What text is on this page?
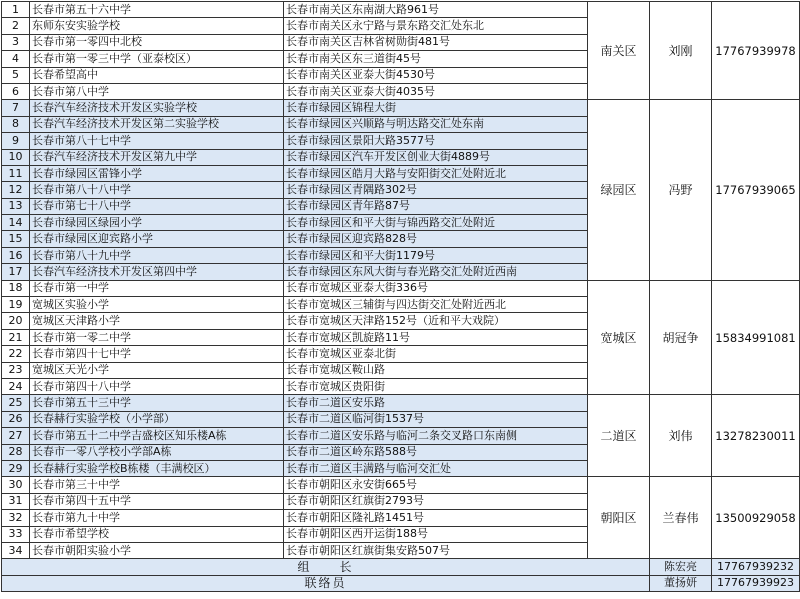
1	长春市第五十六中学	长春市南关区东南湖大路961号	南关区	刘刚	17767939978
2	东师东安实验学校	长春市南关区永宁路与景东路交汇处东北			
3	长春市第一零四中北校	长春市南关区吉林省树勋街481号			
4	长春市第一零三中学（亚泰校区）	长春市南关区东三道街45号			
5	长春希望高中	长春市南关区亚泰大街4530号			
6	长春市第八中学	长春市南关区亚泰大街4035号			
7	长春汽车经济技术开发区实验学校	长春市绿园区锦程大街	绿园区	冯野	17767939065
8	长春汽车经济技术开发区第二实验学校	长春市绿园区兴顺路与明达路交汇处东南			
9	长春市第八十七中学	长春市绿园区景阳大路3577号			
10	长春汽车经济技术开发区第九中学	长春市绿园区汽车开发区创业大街4889号			
11	长春市绿园区雷锋小学	长春市绿园区皓月大路与安阳街交汇处附近北			
12	长春市第八十八中学	长春市绿园区青隅路302号			
13	长春市第七十八中学	长春市绿园区青年路87号			
14	长春市绿园区绿园小学	长春市绿园区和平大街与锦西路交汇处附近			
15	长春市绿园区迎宾路小学	长春市绿园区迎宾路828号			
16	长春市第八十九中学	长春市绿园区和平大街1179号			
17	长春汽车经济技术开发区第四中学	长春市绿园区东风大街与春光路交汇处附近西南			
18	长春市第一中学	长春市宽城区亚泰大街336号	宽城区	胡冠争	15834991081
19	宽城区实验小学	长春市宽城区三辅街与四达街交汇处附近西北			
20	宽城区天津路小学	长春市宽城区天津路152号（近和平大戏院）			
21	长春市第一零二中学	长春市宽城区凯旋路11号			
22	长春市第四十七中学	长春市宽城区亚泰北街			
23	宽城区天光小学	长春市宽城区鞍山路			
24	长春市第四十八中学	长春市宽城区贵阳街			
25	长春市第五十三中学	长春市二道区安乐路	二道区	刘伟	13278230011
26	长春赫行实验学校（小学部）	长春市二道区临河街1537号			
27	长春市第五十二中学吉盛校区知乐楼A栋	长春市二道区安乐路与临河二条交叉路口东南侧			
28	长春市一零八学校小学部A栋	长春市二道区岭东路588号			
29	长春赫行实验学校B栋楼（丰满校区）	长春市二道区丰满路与临河交汇处			
30	长春市第三十中学	长春市朝阳区永安街665号	朝阳区	兰春伟	13500929058
31	长春市第四十五中学	长春市朝阳区红旗街2793号			
32	长春市第九十中学	长春市朝阳区隆礼路1451号			
33	长春市希望学校	长春市朝阳区西开运街188号			
34	长春市朝阳实验小学	长春市朝阳区红旗街集安路507号			
组　　长				陈宏亮	17767939232
联络员				董扬妍	17767939923
